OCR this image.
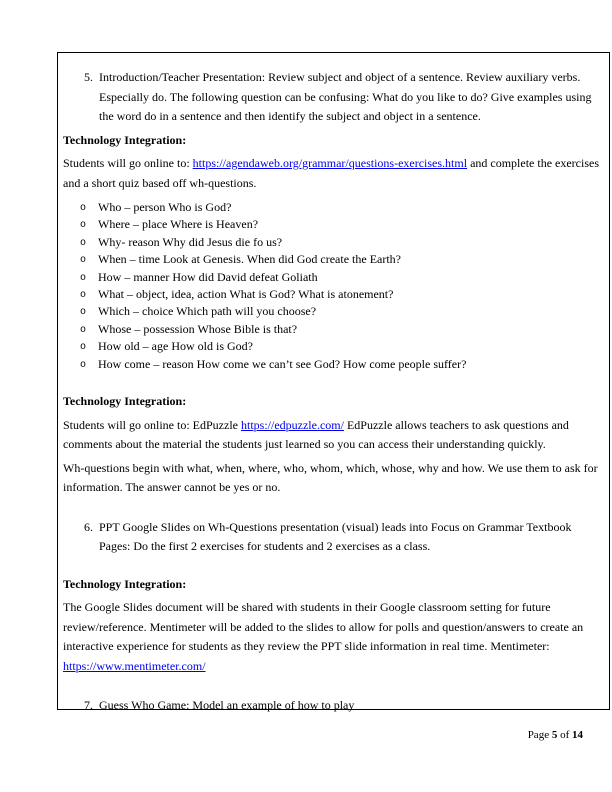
5. Introduction/Teacher Presentation: Review subject and object of a sentence. Review auxiliary verbs. Especially do. The following question can be confusing: What do you like to do? Give examples using the word do in a sentence and then identify the subject and object in a sentence.

Technology Integration:

Students will go online to: https://agendaweb.org/grammar/questions-exercises.html and complete the exercises and a short quiz based off wh-questions.

o Who – person Who is God?
o Where – place Where is Heaven?
o Why- reason Why did Jesus die fo us?
o When – time Look at Genesis. When did God create the Earth?
o How – manner How did David defeat Goliath
o What – object, idea, action What is God? What is atonement?
o Which – choice Which path will you choose?
o Whose – possession Whose Bible is that?
o How old – age How old is God?
o How come – reason How come we can’t see God? How come people suffer?

Technology Integration:

Students will go online to: EdPuzzle https://edpuzzle.com/ EdPuzzle allows teachers to ask questions and comments about the material the students just learned so you can access their understanding quickly.

Wh-questions begin with what, when, where, who, whom, which, whose, why and how. We use them to ask for information. The answer cannot be yes or no.

6. PPT Google Slides on Wh-Questions presentation (visual) leads into Focus on Grammar Textbook Pages: Do the first 2 exercises for students and 2 exercises as a class.

Technology Integration:

The Google Slides document will be shared with students in their Google classroom setting for future review/reference. Mentimeter will be added to the slides to allow for polls and question/answers to create an interactive experience for students as they review the PPT slide information in real time. Mentimeter: https://www.mentimeter.com/

7. Guess Who Game: Model an example of how to play
Page 5 of 14
